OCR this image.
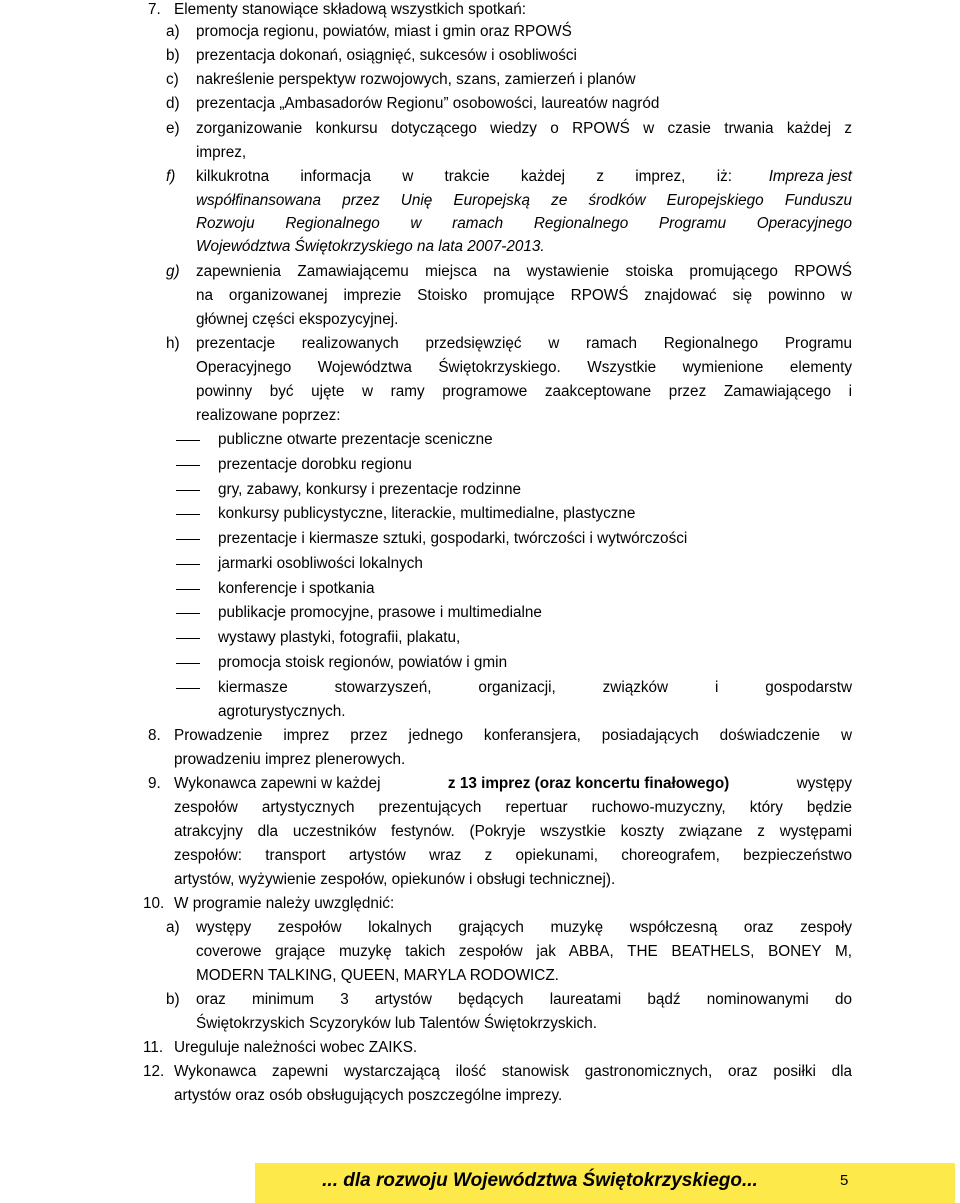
7. Elementy stanowiące składową wszystkich spotkań:
a) promocja regionu, powiatów, miast i gmin oraz RPOWŚ
b) prezentacja dokonań, osiągnięć, sukcesów i osobliwości
c) nakreślenie perspektyw rozwojowych, szans, zamierzeń i planów
d) prezentacja „Ambasadorów Regionu” osobowości, laureatów nagród
e) zorganizowanie konkursu dotyczącego wiedzy o RPOWŚ w czasie trwania każdej z
imprez,
f) kilkukrotna informacja w trakcie każdej z imprez, iż: Impreza jest
współfinansowana przez Unię Europejską ze środków Europejskiego Funduszu
Rozwoju Regionalnego w ramach Regionalnego Programu Operacyjnego
Województwa Świętokrzyskiego na lata 2007-2013.
g) zapewnienia Zamawiającemu miejsca na wystawienie stoiska promującego RPOWŚ
na organizowanej imprezie Stoisko promujące RPOWŚ znajdować się powinno w
głównej części ekspozycyjnej.
h) prezentacje realizowanych przedsięwzięć w ramach Regionalnego Programu
Operacyjnego Województwa Świętokrzyskiego. Wszystkie wymienione elementy
powinny być ujęte w ramy programowe zaakceptowane przez Zamawiającego i
realizowane poprzez:
publiczne otwarte prezentacje sceniczne
prezentacje dorobku regionu
gry, zabawy, konkursy i prezentacje rodzinne
konkursy publicystyczne, literackie, multimedialne, plastyczne
prezentacje i kiermasze sztuki, gospodarki, twórczości i wytwórczości
jarmarki osobliwości lokalnych
konferencje i spotkania
publikacje promocyjne, prasowe i multimedialne
wystawy plastyki, fotografii, plakatu,
promocja stoisk regionów, powiatów i gmin
kiermasze stowarzyszeń, organizacji, związków i gospodarstw
agroturystycznych.
8. Prowadzenie imprez przez jednego konferansjera, posiadających doświadczenie w
prowadzeniu imprez plenerowych.
9. Wykonawca zapewni w każdej	z 13 imprez (oraz koncertu finałowego)	występy
zespołów artystycznych prezentujących repertuar ruchowo-muzyczny, który będzie
atrakcyjny dla uczestników festynów. (Pokryje wszystkie koszty związane z występami
zespołów: transport artystów wraz z opiekunami, choreografem, bezpieczeństwo
artystów, wyżywienie zespołów, opiekunów i obsługi technicznej).
10. W programie należy uwzględnić:
a) występy zespołów lokalnych grających muzykę współczesną oraz zespoły
coverowe grające muzykę takich zespołów jak ABBA, THE BEATHELS, BONEY M,
MODERN TALKING, QUEEN, MARYLA RODOWICZ.
b) oraz minimum 3 artystów będących laureatami bądź nominowanymi do
Świętokrzyskich Scyzoryków lub Talentów Świętokrzyskich.
11. Ureguluje należności wobec ZAIKS.
12. Wykonawca zapewni wystarczającą ilość stanowisk gastronomicznych, oraz posiłki dla
artystów oraz osób obsługujących poszczególne imprezy.
... dla rozwoju Województwa Świętokrzyskiego...	5
